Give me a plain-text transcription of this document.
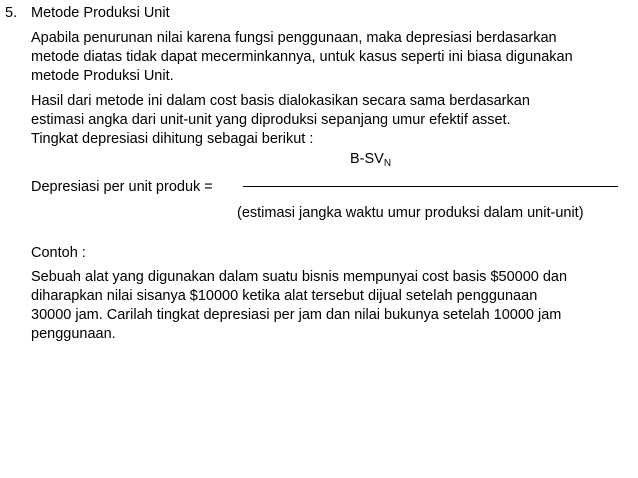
5. Metode Produksi Unit

Apabila penurunan nilai karena fungsi penggunaan, maka depresiasi berdasarkan
metode diatas tidak dapat mecerminkannya, untuk kasus seperti ini biasa digunakan
metode Produksi Unit.

Hasil dari metode ini dalam cost basis dialokasikan secara sama berdasarkan
estimasi angka dari unit-unit yang diproduksi sepanjang umur efektif asset.

Tingkat depresiasi dihitung sebagai berikut :

$B-SV_N$
Depresiasi per unit produk =
(estimasi jangka waktu umur produksi dalam unit-unit)

Contoh :

Sebuah alat yang digunakan dalam suatu bisnis mempunyai cost basis $50000 dan
diharapkan nilai sisanya $10000 ketika alat tersebut dijual setelah penggunaan
30000 jam. Carilah tingkat depresiasi per jam dan nilai bukunya setelah 10000 jam
penggunaan.
